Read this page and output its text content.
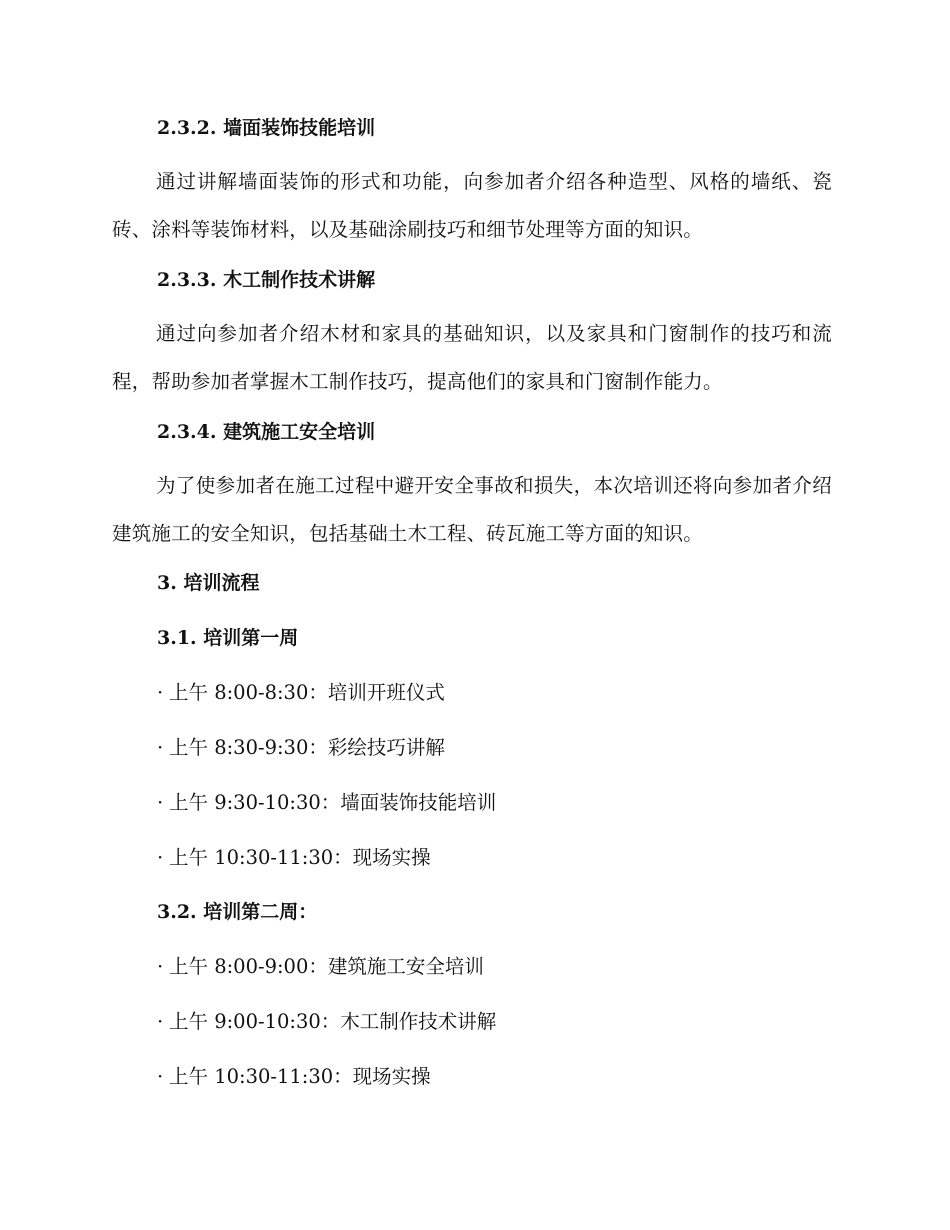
2.3.2. 墙面装饰技能培训
通过讲解墙面装饰的形式和功能，向参加者介绍各种造型、风格的墙纸、瓷砖、涂料等装饰材料，以及基础涂刷技巧和细节处理等方面的知识。
2.3.3. 木工制作技术讲解
通过向参加者介绍木材和家具的基础知识，以及家具和门窗制作的技巧和流程，帮助参加者掌握木工制作技巧，提高他们的家具和门窗制作能力。
2.3.4. 建筑施工安全培训
为了使参加者在施工过程中避开安全事故和损失，本次培训还将向参加者介绍建筑施工的安全知识，包括基础土木工程、砖瓦施工等方面的知识。
3. 培训流程
3.1. 培训第一周
· 上午 8:00-8:30：培训开班仪式
· 上午 8:30-9:30：彩绘技巧讲解
· 上午 9:30-10:30：墙面装饰技能培训
· 上午 10:30-11:30：现场实操
3.2. 培训第二周：
· 上午 8:00-9:00：建筑施工安全培训
· 上午 9:00-10:30：木工制作技术讲解
· 上午 10:30-11:30：现场实操
